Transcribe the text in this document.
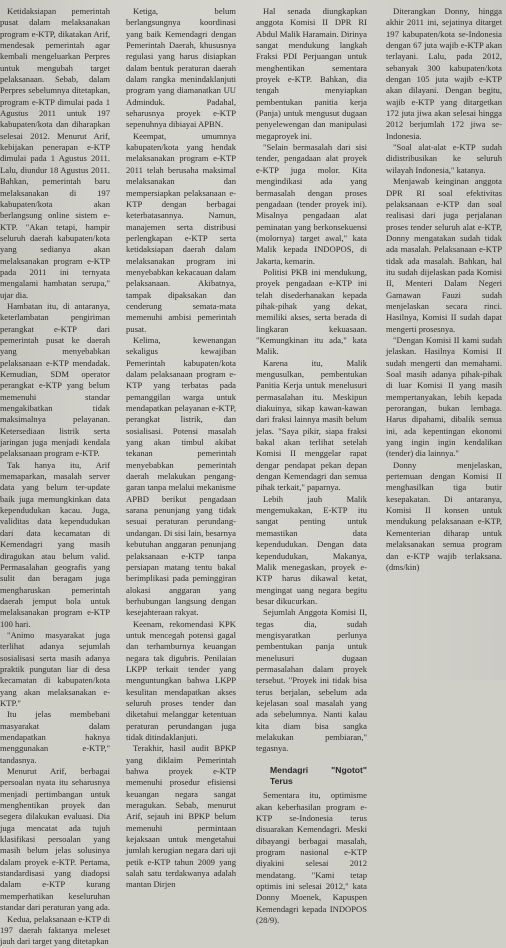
Ketidaksiapan pemerintah pusat dalam melaksanakan program e-KTP, dikatakan Arif, mendesak pemerintah agar kembali mengeluarkan Perpres untuk mengubah target pelaksanaan. Sebab, dalam Perpres sebelumnya ditetapkan, program e-KTP dimulai pada 1 Agustus 2011 untuk 197 kabupaten/kota dan diharapkan selesai 2012. Menurut Arif, kebijakan penerapan e-KTP dimulai pada 1 Agustus 2011. Lalu, diundur 18 Agustus 2011. Bahkan, pemerintah baru melaksanakan di 197 kabupaten/kota akan berlangsung online sistem e-KTP. "Akan tetapi, hampir seluruh daerah kabupaten/kota yang sedianya akan melaksanakan program e-KTP pada 2011 ini ternyata mengalami hambatan serupa," ujar dia.

Hambatan itu, di antaranya, keterlambatan pengiriman perangkat e-KTP dari pemerintah pusat ke daerah yang menyebabkan pelaksanaan e-KTP mendadak. Kemudian, SDM operator perangkat e-KTP yang belum memenuhi standar mengakibatkan tidak maksimalnya pelayanan. Ketersediaan listrik serta jaringan juga menjadi kendala pelaksanaan program e-KTP.

Tak hanya itu, Arif memaparkan, masalah server data yang belum ter-update baik juga memungkinkan data kependudukan kacau. Juga, validitas data kependudukan dari data kecamatan di Kemendagri yang masih diragukan atau belum valid. Permasalahan geografis yang sulit dan beragam juga mengharuskan pemerintah daerah jemput bola untuk melaksanakan program e-KTP 100 hari.

"Animo masyarakat juga terlihat adanya sejumlah sosialisasi serta masih adanya praktik pungutan liar di desa kecamatan di kabupaten/kota yang akan melaksanakan e-KTP."

Itu jelas membebani masyarakat dalam mendapatkan haknya menggunakan e-KTP," tandasnya.

Menurut Arif, berbagai persoalan nyata itu seharusnya menjadi pertimbangan untuk menghentikan proyek dan segera dilakukan evaluasi. Dia juga mencatat ada tujuh klasifikasi persoalan yang masih belum jelas solusinya dalam proyek e-KTP. Pertama, standardisasi yang diadopsi dalam e-KTP kurang memperhatikan keseluruhan standar dari peraturan yang ada.

Kedua, pelaksanaan e-KTP di 197 daerah faktanya meleset jauh dari target yang ditetapkan

Ketiga, belum berlangsungnya koordinasi yang baik Kemendagri dengan Pemerintah Daerah, khususnya regulasi yang harus disiapkan dalam bentuk peraturan daerah dalam rangka menindaklanjuti program yang diamanatkan UU Adminduk. Padahal, seharusnya proyek e-KTP sepenuhnya dibiayai APBN.

Keempat, umumnya kabupaten/kota yang hendak melaksanakan program e-KTP 2011 telah berusaha maksimal melaksanakan dan mempersiapkan pelaksanaan e-KTP dengan berbagai keterbatasannya. Namun, manajemen serta distribusi perlengkapan e-KTP serta ketidaksiapan daerah dalam melaksanakan program ini menyebabkan kekacauan dalam pelaksanaan. Akibatnya, tampak dipaksakan dan cenderung semata-mata memenuhi ambisi pemerintah pusat.

Kelima, kewenangan sekaligus kewajiban Pemerintah kabupaten/kota dalam pelaksanaan program e-KTP yang terbatas pada pemanggilan warga untuk mendapatkan pelayanan e-KTP, perangkat listrik, dan sosialisasi. Potensi masalah yang akan timbul akibat tekanan pemerintah menyebabkan pemerintah daerah melakukan pengang-garan tanpa melalui mekanisme APBD berikut pengadaan sarana penunjang yang tidak sesuai peraturan perundang-undangan. Di sisi lain, besarnya kebutuhan anggaran penunjang pelaksanaan e-KTP tanpa persiapan matang tentu bakal berimplikasi pada peminggiran alokasi anggaran yang berhubungan langsung dengan kesejahteraan rakyat.

Keenam, rekomendasi KPK untuk mencegah potensi gagal dan terhamburnya keuangan negara tak digubris. Penilaian LKPP terkait tender yang menguntungkan bahwa LKPP kesulitan mendapatkan akses seluruh proses tender dan diketahui melanggar ketentuan peraturan perundangan juga tidak ditindaklanjuti.

Terakhir, hasil audit BPKP yang diklaim Pemerintah bahwa proyek e-KTP memenuhi prosedur efisiensi keuangan negara sangat meragukan. Sebab, menurut Arif, sejauh ini BPKP belum memenuhi permintaan kejaksaan untuk mengetahui jumlah kerugian negara dari uji petik e-KTP tahun 2009 yang salah satu terdakwanya adalah mantan Dirjen

Hal senada diungkapkan anggota Komisi II DPR RI Abdul Malik Haramain. Dirinya sangat mendukung langkah Fraksi PDI Perjuangan untuk menghentikan sementara proyek e-KTP. Bahkan, dia tengah menyiapkan pembentukan panitia kerja (Panja) untuk mengusut dugaan penyelewengan dan manipulasi megaproyek ini.

"Selain bermasalah dari sisi tender, pengadaan alat proyek e-KTP juga molor. Kita mengindikasi ada yang bermasalah dengan proses pengadaan (tender proyek ini). Misalnya pengadaan alat peminatan yang berkonsekuensi (molornya) target awal," kata Malik kepada INDOPOS, di Jakarta, kemarin.

Politisi PKB ini mendukung, proyek pengadaan e-KTP ini telah disederhanakan kepada pihak-pihak yang dekat, memiliki akses, serta berada di lingkaran kekuasaan. "Kemungkinan itu ada," kata Malik.

Karena itu, Malik mengusulkan, pembentukan Panitia Kerja untuk menelusuri permasalahan itu. Meskipun diakuinya, sikap kawan-kawan dari fraksi lainnya masih belum jelas. "Saya pikir, siapa fraksi bakal akan terlihat setelah Komisi II menggelar rapat dengar pendapat pekan depan dengan Kemendagri dan semua pihak terkait," paparnya.

Lebih jauh Malik mengemukakan, E-KTP itu sangat penting untuk memastikan data kependudukan. Dengan data kependudukan, Makanya, Malik menegaskan, proyek e-KTP harus dikawal ketat, mengingat uang negara begitu besar dikucurkan.

Sejumlah Anggota Komisi II, tegas dia, sudah mengisyaratkan perlunya pembentukan panja untuk menelusuri dugaan permasalahan dalam proyek tersebut. "Proyek ini tidak bisa terus berjalan, sebelum ada kejelasan soal masalah yang ada sebelumnya. Nanti kalau kita diam bisa sangka melakukan pembiaran," tegasnya.

Mendagri "Ngotot" Terus

Sementara itu, optimisme akan keberhasilan program e-KTP se-Indonesia terus disuarakan Kemendagri. Meski dibayangi berbagai masalah, program nasional e-KTP diyakini selesai 2012 mendatang. "Kami tetap optimis ini selesai 2012," kata Donny Moenek, Kapuspen Kemendagri kepada INDOPOS (28/9).

Diterangkan Donny, hingga akhir 2011 ini, sejatinya ditarget 197 kabupaten/kota se-Indonesia dengan 67 juta wajib e-KTP akan terlayani. Lalu, pada 2012, sebanyak 300 kabupaten/kota dengan 105 juta wajib e-KTP akan dilayani. Dengan begitu, wajib e-KTP yang ditargetkan 172 juta jiwa akan selesai hingga 2012 berjumlah 172 jiwa se-Indonesia.

"Soal alat-alat e-KTP sudah didistribusikan ke seluruh wilayah Indonesia," katanya.

Menjawab keinginan anggota DPR RI soal efektivitas pelaksanaan e-KTP dan soal realisasi dari juga perjalanan proses tender seluruh alat e-KTP, Donny mengatakan sudah tidak ada masalah. Pelaksanaan e-KTP tidak ada masalah. Bahkan, hal itu sudah dijelaskan pada Komisi II, Menteri Dalam Negeri Gamawan Fauzi sudah menjelaskan secara rinci. Hasilnya, Komisi II sudah dapat mengerti prosesnya.

"Dengan Komisi II kami sudah jelaskan. Hasilnya Komisi II sudah mengerti dan memahami. Soal masih adanya pihak-pihak di luar Komisi II yang masih mempertanyakan, lebih kepada perorangan, bukan lembaga. Harus dipahami, dibalik semua ini, ada kepentingan ekonomi yang ingin ingin kendalikan (tender) dia lainnya."

Donny menjelaskan, pertemuan dengan Komisi II menghasilkan tiga butir kesepakatan. Di antaranya, Komisi II konsen untuk mendukung pelaksanaan e-KTP, Kementerian diharap untuk melaksanakan semua program dan e-KTP wajib terlaksana. (dms/kin)
